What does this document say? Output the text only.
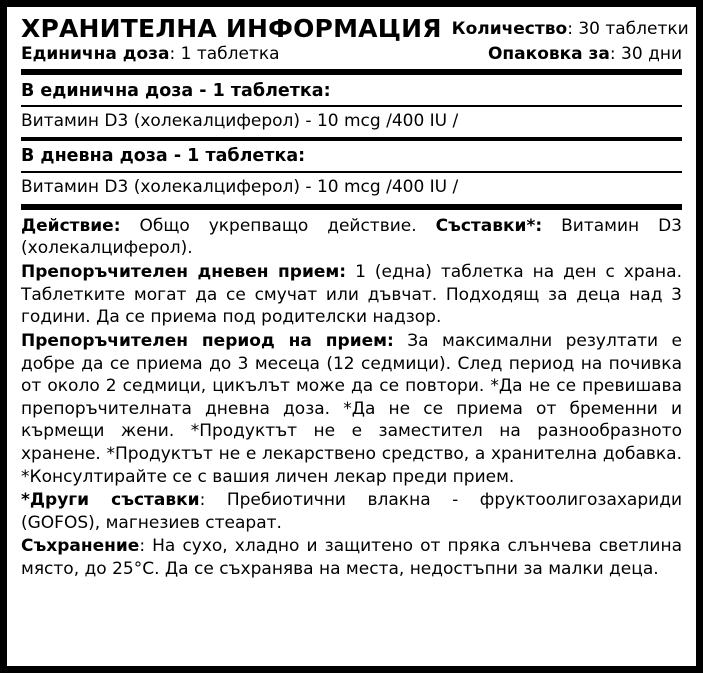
ХРАНИТЕЛНА ИНФОРМАЦИЯ Количество: 30 таблетки
Единична доза: 1 таблетка	Опаковка за: 30 дни
В единична доза - 1 таблетка:
Витамин D3 (холекалциферол) - 10 mcg /400 IU /
В дневна доза - 1 таблетка:
Витамин D3 (холекалциферол) - 10 mcg /400 IU /

Действие: Общо укрепващо действие. Съставки*: Витамин D3 (холекалциферол).

Препоръчителен дневен прием: 1 (една) таблетка на ден с храна. Таблетките могат да се смучат или дъвчат. Подходящ за деца над 3 години. Да се приема под родителски надзор.

Препоръчителен период на прием: За максимални резултати е добре да се приема до 3 месеца (12 седмици). След период на почивка от около 2 седмици, цикълът може да се повтори. *Да не се превишава препоръчителната дневна доза. *Да не се приема от бременни и кърмещи жени. *Продуктът не е заместител на разнообразното хранене. *Продуктът не е лекарствено средство, а хранителна добавка. *Консултирайте се с вашия личен лекар преди прием.

*Други съставки: Пребиотични влакна - фруктоолигозахариди (GOFOS), магнезиев стеарат.

Съхранение: На сухо, хладно и защитено от пряка слънчева светлина място, до 25°C. Да се съхранява на места, недостъпни за малки деца.
